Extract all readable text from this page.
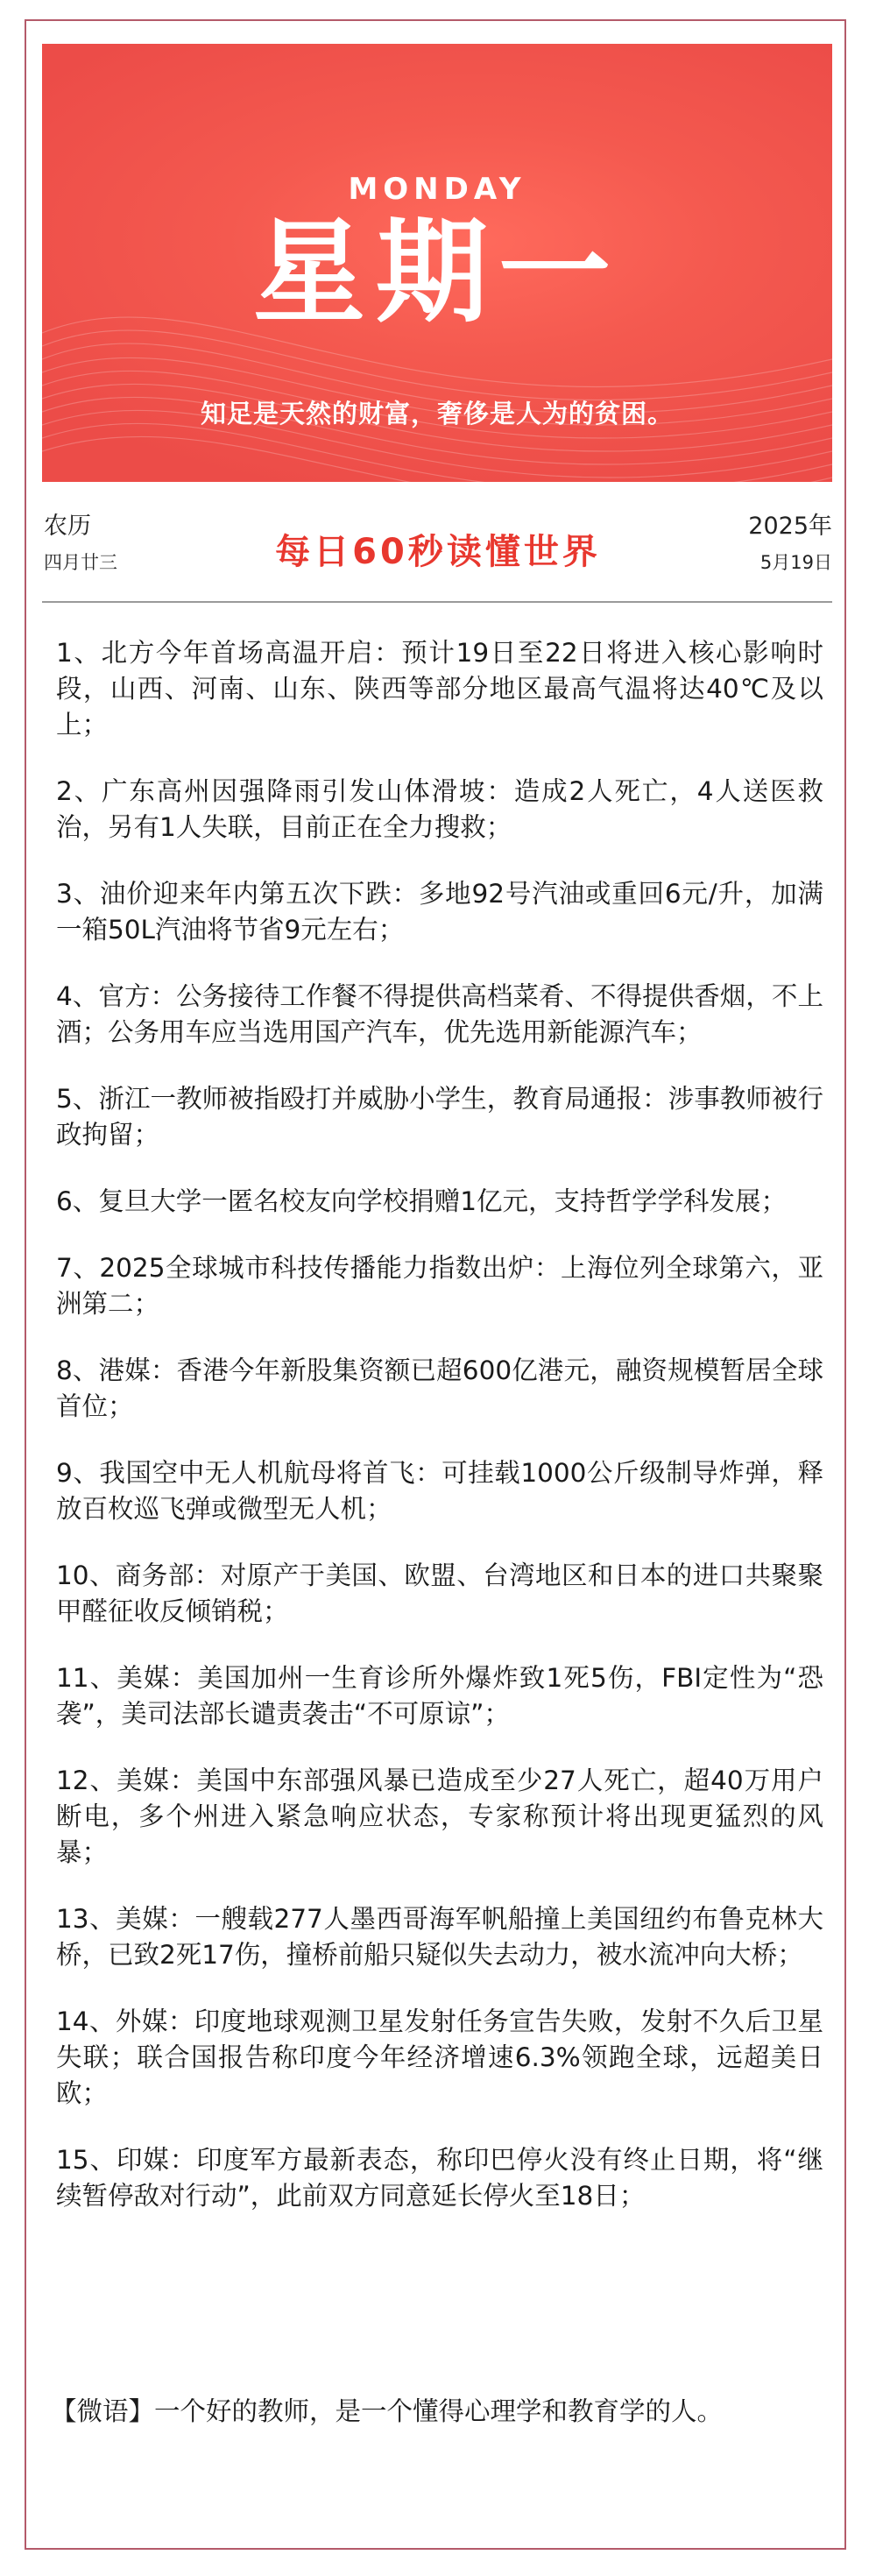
MONDAY
星期一
知足是天然的财富，奢侈是人为的贫困。
农历
四月廿三	每日60秒读懂世界
2025年
5月19日
1、北方今年首场高温开启：预计19日至22日将进入核心影响时段，山西、河南、山东、陕西等部分地区最高气温将达40℃及以上；
2、广东高州因强降雨引发山体滑坡：造成2人死亡，4人送医救治，另有1人失联，目前正在全力搜救；
3、油价迎来年内第五次下跌：多地92号汽油或重回6元/升，加满一箱50L汽油将节省9元左右；
4、官方：公务接待工作餐不得提供高档菜肴、不得提供香烟，不上酒；公务用车应当选用国产汽车，优先选用新能源汽车；
5、浙江一教师被指殴打并威胁小学生，教育局通报：涉事教师被行政拘留；
6、复旦大学一匿名校友向学校捐赠1亿元，支持哲学学科发展；
7、2025全球城市科技传播能力指数出炉：上海位列全球第六，亚洲第二；
8、港媒：香港今年新股集资额已超600亿港元，融资规模暂居全球首位；
9、我国空中无人机航母将首飞：可挂载1000公斤级制导炸弹，释放百枚巡飞弹或微型无人机；
10、商务部：对原产于美国、欧盟、台湾地区和日本的进口共聚聚甲醛征收反倾销税；
11、美媒：美国加州一生育诊所外爆炸致1死5伤，FBI定性为“恐袭”，美司法部长谴责袭击“不可原谅”；
12、美媒：美国中东部强风暴已造成至少27人死亡，超40万用户断电，多个州进入紧急响应状态，专家称预计将出现更猛烈的风暴；
13、美媒：一艘载277人墨西哥海军帆船撞上美国纽约布鲁克林大桥，已致2死17伤，撞桥前船只疑似失去动力，被水流冲向大桥；
14、外媒：印度地球观测卫星发射任务宣告失败，发射不久后卫星失联；联合国报告称印度今年经济增速6.3%领跑全球，远超美日欧；
15、印媒：印度军方最新表态，称印巴停火没有终止日期，将“继续暂停敌对行动”，此前双方同意延长停火至18日；
【微语】一个好的教师，是一个懂得心理学和教育学的人。
